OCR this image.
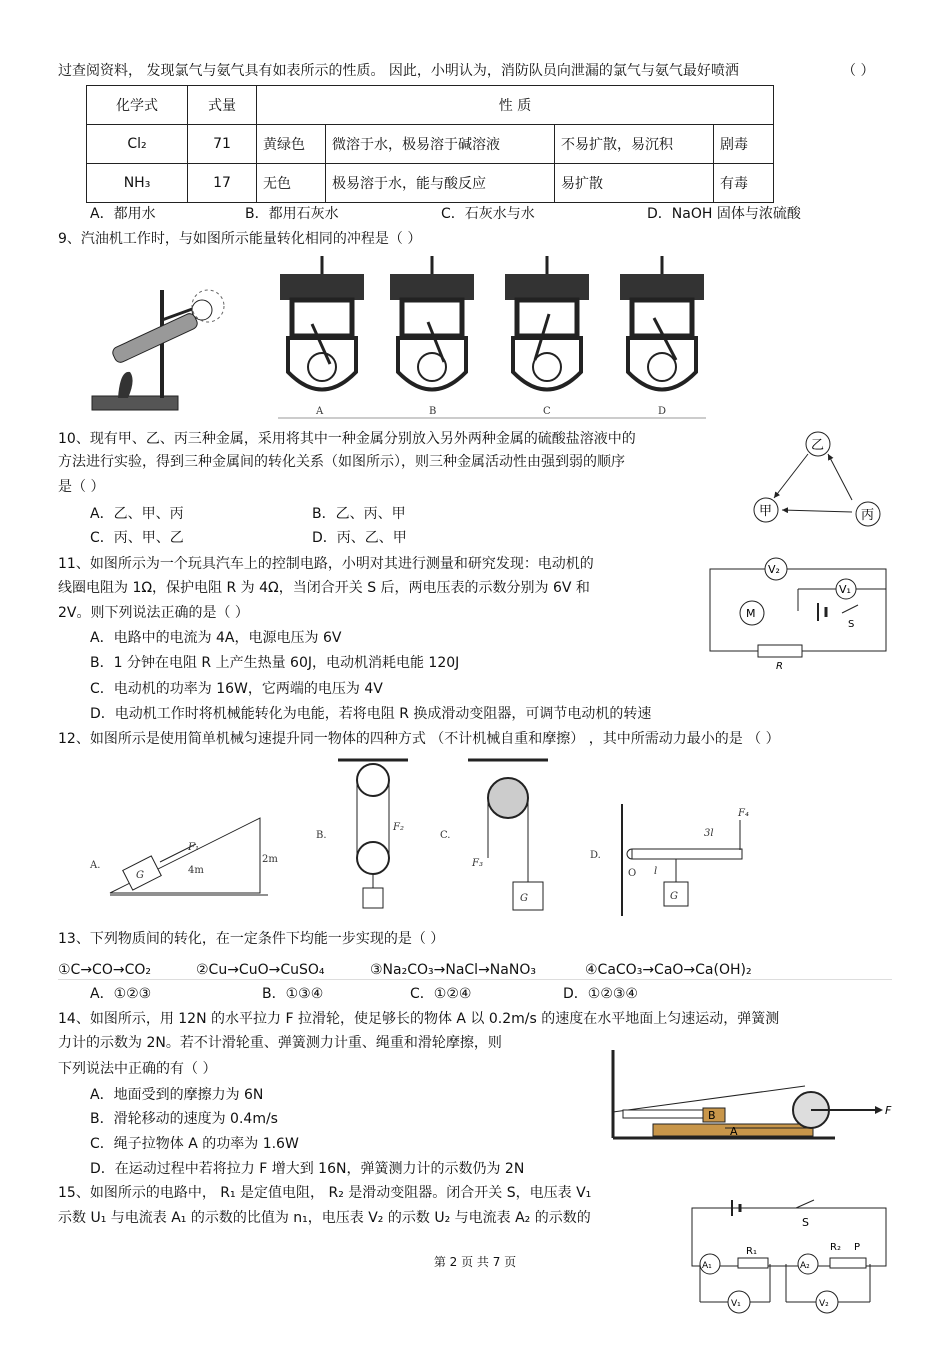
过查阅资料， 发现氯气与氨气具有如表所示的性质。 因此，小明认为，消防队员向泄漏的氯气与氨气最好喷洒	（ ）
化学式	式量	性 质			
Cl₂	71	黄绿色	微溶于水，极易溶于碱溶液	不易扩散，易沉积	剧毒
NH₃	17	无色	极易溶于水，能与酸反应	易扩散	有毒
A．都用水	B．都用石灰水	C．石灰水与水	D．NaOH 固体与浓硫酸
9、汽油机工作时，与如图所示能量转化相同的冲程是（ ）
A	B	C	D
10、现有甲、乙、丙三种金属，采用将其中一种金属分别放入另外两种金属的硫酸盐溶液中的
方法进行实验，得到三种金属间的转化关系（如图所示），则三种金属活动性由强到弱的顺序
是（ ）
A．乙、甲、丙	B．乙、丙、甲
C．丙、甲、乙	D．丙、乙、甲
乙
甲	丙
11、如图所示为一个玩具汽车上的控制电路，小明对其进行测量和研究发现：电动机的
线圈电阻为 1Ω，保护电阻 R 为 4Ω，当闭合开关 S 后，两电压表的示数分别为 6V 和
2V。则下列说法正确的是（ ）
A．电路中的电流为 4A，电源电压为 6V
B．1 分钟在电阻 R 上产生热量 60J，电动机消耗电能 120J
C．电动机的功率为 16W，它两端的电压为 4V
D．电动机工作时将机械能转化为电能，若将电阻 R 换成滑动变阻器，可调节电动机的转速
V₂
V₁
M
S
R
12、如图所示是使用简单机械匀速提升同一物体的四种方式 （不计机械自重和摩擦） ，其中所需动力最小的是 （ ）
A.
F₁
4m
2m
G
B.
F₂
C.
G
F₃
D.
G
F₄
3l
l
O
13、下列物质间的转化，在一定条件下均能一步实现的是（ ）
①C→CO→CO₂	②Cu→CuO→CuSO₄	③Na₂CO₃→NaCl→NaNO₃	④CaCO₃→CaO→Ca(OH)₂
A．①②③	B．①③④	C．①②④	D．①②③④
14、如图所示，用 12N 的水平拉力 F 拉滑轮，使足够长的物体 A 以 0.2m/s 的速度在水平地面上匀速运动，弹簧测
力计的示数为 2N。若不计滑轮重、弹簧测力计重、绳重和滑轮摩擦，则
下列说法中正确的有（ ）
A．地面受到的摩擦力为 6N
B．滑轮移动的速度为 0.4m/s
C．绳子拉物体 A 的功率为 1.6W
D．在运动过程中若将拉力 F 增大到 16N，弹簧测力计的示数仍为 2N
B
A
F
15、如图所示的电路中， R₁ 是定值电阻， R₂ 是滑动变阻器。闭合开关 S，电压表 V₁
示数 U₁ 与电流表 A₁ 的示数的比值为 n₁，电压表 V₂ 的示数 U₂ 与电流表 A₂ 的示数的	S
A₁
R₁
A₂
R₂ P
V₁	V₂
第 2 页 共 7 页
